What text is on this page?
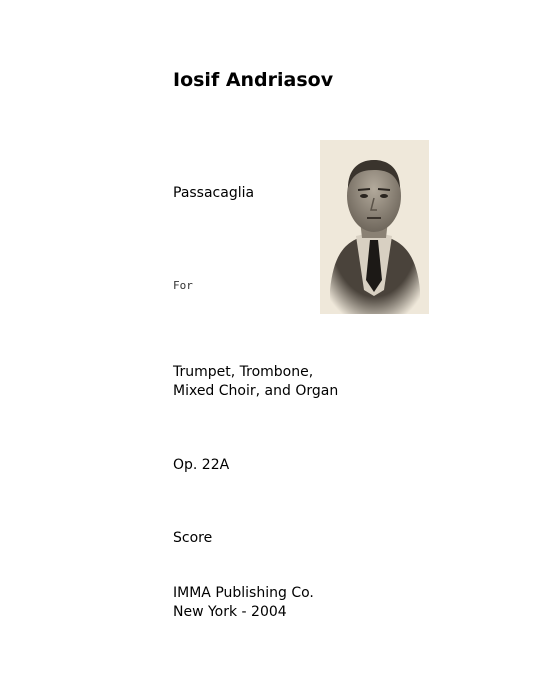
Iosif Andriasov
Passacaglia
For
Trumpet, Trombone,
Mixed Choir, and Organ
Op. 22A
Score
IMMA Publishing Co.
New York - 2004
